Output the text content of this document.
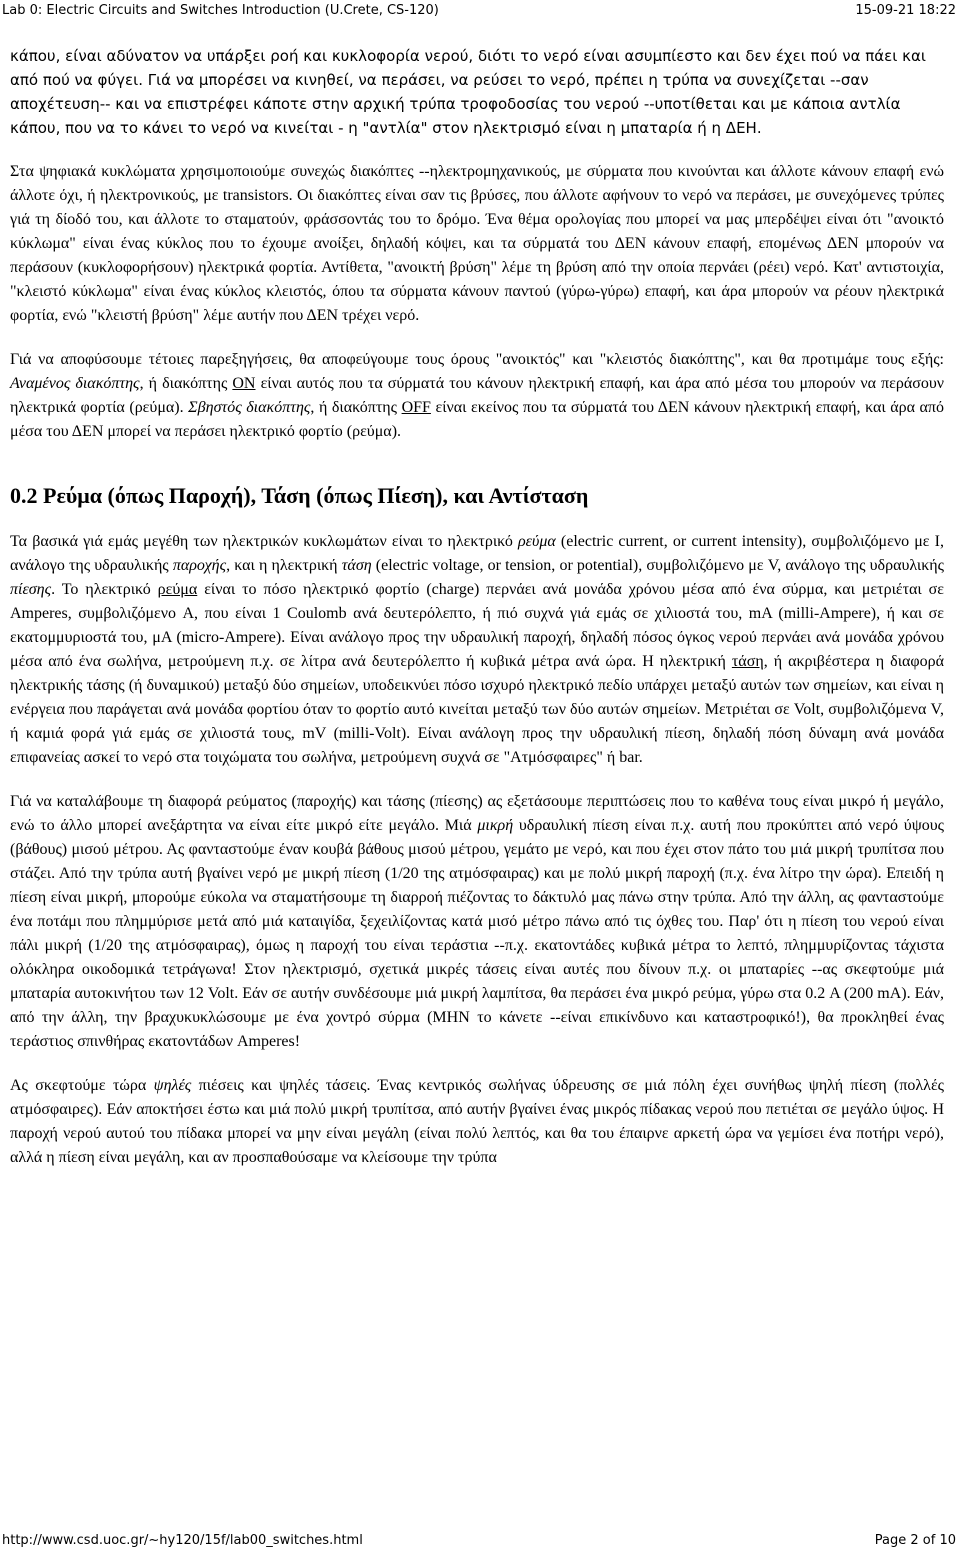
Lab 0: Electric Circuits and Switches Introduction (U.Crete, CS-120)	15-09-21 18:22

κάπου, είναι αδύνατον να υπάρξει ροή και κυκλοφορία νερού, διότι το νερό είναι ασυμπίεστο και δεν έχει πού να πάει και από πού να φύγει. Γιά να μπορέσει να κινηθεί, να περάσει, να ρεύσει το νερό, πρέπει η τρύπα να συνεχίζεται --σαν αποχέτευση-- και να επιστρέφει κάποτε στην αρχική τρύπα τροφοδοσίας του νερού --υποτίθεται και με κάποια αντλία κάπου, που να το κάνει το νερό να κινείται - η "αντλία" στον ηλεκτρισμό είναι η μπαταρία ή η ΔΕΗ.

Στα ψηφιακά κυκλώματα χρησιμοποιούμε συνεχώς διακόπτες --ηλεκτρομηχανικούς, με σύρματα που κινούνται και άλλοτε κάνουν επαφή ενώ άλλοτε όχι, ή ηλεκτρονικούς, με transistors. Οι διακόπτες είναι σαν τις βρύσες, που άλλοτε αφήνουν το νερό να περάσει, με συνεχόμενες τρύπες γιά τη δίοδό του, και άλλοτε το σταματούν, φράσσοντάς του το δρόμο. Ένα θέμα ορολογίας που μπορεί να μας μπερδέψει είναι ότι "ανοικτό κύκλωμα" είναι ένας κύκλος που το έχουμε ανοίξει, δηλαδή κόψει, και τα σύρματά του ΔΕΝ κάνουν επαφή, επομένως ΔΕΝ μπορούν να περάσουν (κυκλοφορήσουν) ηλεκτρικά φορτία. Αντίθετα, "ανοικτή βρύση" λέμε τη βρύση από την οποία περνάει (ρέει) νερό. Κατ' αντιστοιχία, "κλειστό κύκλωμα" είναι ένας κύκλος κλειστός, όπου τα σύρματα κάνουν παντού (γύρω-γύρω) επαφή, και άρα μπορούν να ρέουν ηλεκτρικά φορτία, ενώ "κλειστή βρύση" λέμε αυτήν που ΔΕΝ τρέχει νερό.

Γιά να αποφύσουμε τέτοιες παρεξηγήσεις, θα αποφεύγουμε τους όρους "ανοικτός" και "κλειστός διακόπτης", και θα προτιμάμε τους εξής: Αναμένος διακόπτης, ή διακόπτης ON είναι αυτός που τα σύρματά του κάνουν ηλεκτρική επαφή, και άρα από μέσα του μπορούν να περάσουν ηλεκτρικά φορτία (ρεύμα). Σβηστός διακόπτης, ή διακόπτης OFF είναι εκείνος που τα σύρματά του ΔΕΝ κάνουν ηλεκτρική επαφή, και άρα από μέσα του ΔΕΝ μπορεί να περάσει ηλεκτρικό φορτίο (ρεύμα).

0.2 Ρεύμα (όπως Παροχή), Τάση (όπως Πίεση), και Αντίσταση

Τα βασικά γιά εμάς μεγέθη των ηλεκτρικών κυκλωμάτων είναι το ηλεκτρικό ρεύμα (electric current, or current intensity), συμβολιζόμενο με I, ανάλογο της υδραυλικής παροχής, και η ηλεκτρική τάση (electric voltage, or tension, or potential), συμβολιζόμενο με V, ανάλογο της υδραυλικής πίεσης. Το ηλεκτρικό ρεύμα είναι το πόσο ηλεκτρικό φορτίο (charge) περνάει ανά μονάδα χρόνου μέσα από ένα σύρμα, και μετριέται σε Amperes, συμβολιζόμενο A, που είναι 1 Coulomb ανά δευτερόλεπτο, ή πιό συχνά γιά εμάς σε χιλιοστά του, mA (milli-Ampere), ή και σε εκατομμυριοστά του, μA (micro-Ampere). Είναι ανάλογο προς την υδραυλική παροχή, δηλαδή πόσος όγκος νερού περνάει ανά μονάδα χρόνου μέσα από ένα σωλήνα, μετρούμενη π.χ. σε λίτρα ανά δευτερόλεπτο ή κυβικά μέτρα ανά ώρα. Η ηλεκτρική τάση, ή ακριβέστερα η διαφορά ηλεκτρικής τάσης (ή δυναμικού) μεταξύ δύο σημείων, υποδεικνύει πόσο ισχυρό ηλεκτρικό πεδίο υπάρχει μεταξύ αυτών των σημείων, και είναι η ενέργεια που παράγεται ανά μονάδα φορτίου όταν το φορτίο αυτό κινείται μεταξύ των δύο αυτών σημείων. Μετριέται σε Volt, συμβολιζόμενα V, ή καμιά φορά γιά εμάς σε χιλιοστά τους, mV (milli-Volt). Είναι ανάλογη προς την υδραυλική πίεση, δηλαδή πόση δύναμη ανά μονάδα επιφανείας ασκεί το νερό στα τοιχώματα του σωλήνα, μετρούμενη συχνά σε "Ατμόσφαιρες" ή bar.

Γιά να καταλάβουμε τη διαφορά ρεύματος (παροχής) και τάσης (πίεσης) ας εξετάσουμε περιπτώσεις που το καθένα τους είναι μικρό ή μεγάλο, ενώ το άλλο μπορεί ανεξάρτητα να είναι είτε μικρό είτε μεγάλο. Μιά μικρή υδραυλική πίεση είναι π.χ. αυτή που προκύπτει από νερό ύψους (βάθους) μισού μέτρου. Ας φανταστούμε έναν κουβά βάθους μισού μέτρου, γεμάτο με νερό, και που έχει στον πάτο του μιά μικρή τρυπίτσα που στάζει. Από την τρύπα αυτή βγαίνει νερό με μικρή πίεση (1/20 της ατμόσφαιρας) και με πολύ μικρή παροχή (π.χ. ένα λίτρο την ώρα). Επειδή η πίεση είναι μικρή, μπορούμε εύκολα να σταματήσουμε τη διαρροή πιέζοντας το δάκτυλό μας πάνω στην τρύπα. Από την άλλη, ας φανταστούμε ένα ποτάμι που πλημμύρισε μετά από μιά καταιγίδα, ξεχειλίζοντας κατά μισό μέτρο πάνω από τις όχθες του. Παρ' ότι η πίεση του νερού είναι πάλι μικρή (1/20 της ατμόσφαιρας), όμως η παροχή του είναι τεράστια --π.χ. εκατοντάδες κυβικά μέτρα το λεπτό, πλημμυρίζοντας τάχιστα ολόκληρα οικοδομικά τετράγωνα! Στον ηλεκτρισμό, σχετικά μικρές τάσεις είναι αυτές που δίνουν π.χ. οι μπαταρίες --ας σκεφτούμε μιά μπαταρία αυτοκινήτου των 12 Volt. Εάν σε αυτήν συνδέσουμε μιά μικρή λαμπίτσα, θα περάσει ένα μικρό ρεύμα, γύρω στα 0.2 A (200 mA). Εάν, από την άλλη, την βραχυκυκλώσουμε με ένα χοντρό σύρμα (ΜΗΝ το κάνετε --είναι επικίνδυνο και καταστροφικό!), θα προκληθεί ένας τεράστιος σπινθήρας εκατοντάδων Amperes!

Ας σκεφτούμε τώρα ψηλές πιέσεις και ψηλές τάσεις. Ένας κεντρικός σωλήνας ύδρευσης σε μιά πόλη έχει συνήθως ψηλή πίεση (πολλές ατμόσφαιρες). Εάν αποκτήσει έστω και μιά πολύ μικρή τρυπίτσα, από αυτήν βγαίνει ένας μικρός πίδακας νερού που πετιέται σε μεγάλο ύψος. Η παροχή νερού αυτού του πίδακα μπορεί να μην είναι μεγάλη (είναι πολύ λεπτός, και θα του έπαιρνε αρκετή ώρα να γεμίσει ένα ποτήρι νερό), αλλά η πίεση είναι μεγάλη, και αν προσπαθούσαμε να κλείσουμε την τρύπα

http://www.csd.uoc.gr/~hy120/15f/lab00_switches.html	Page 2 of 10
